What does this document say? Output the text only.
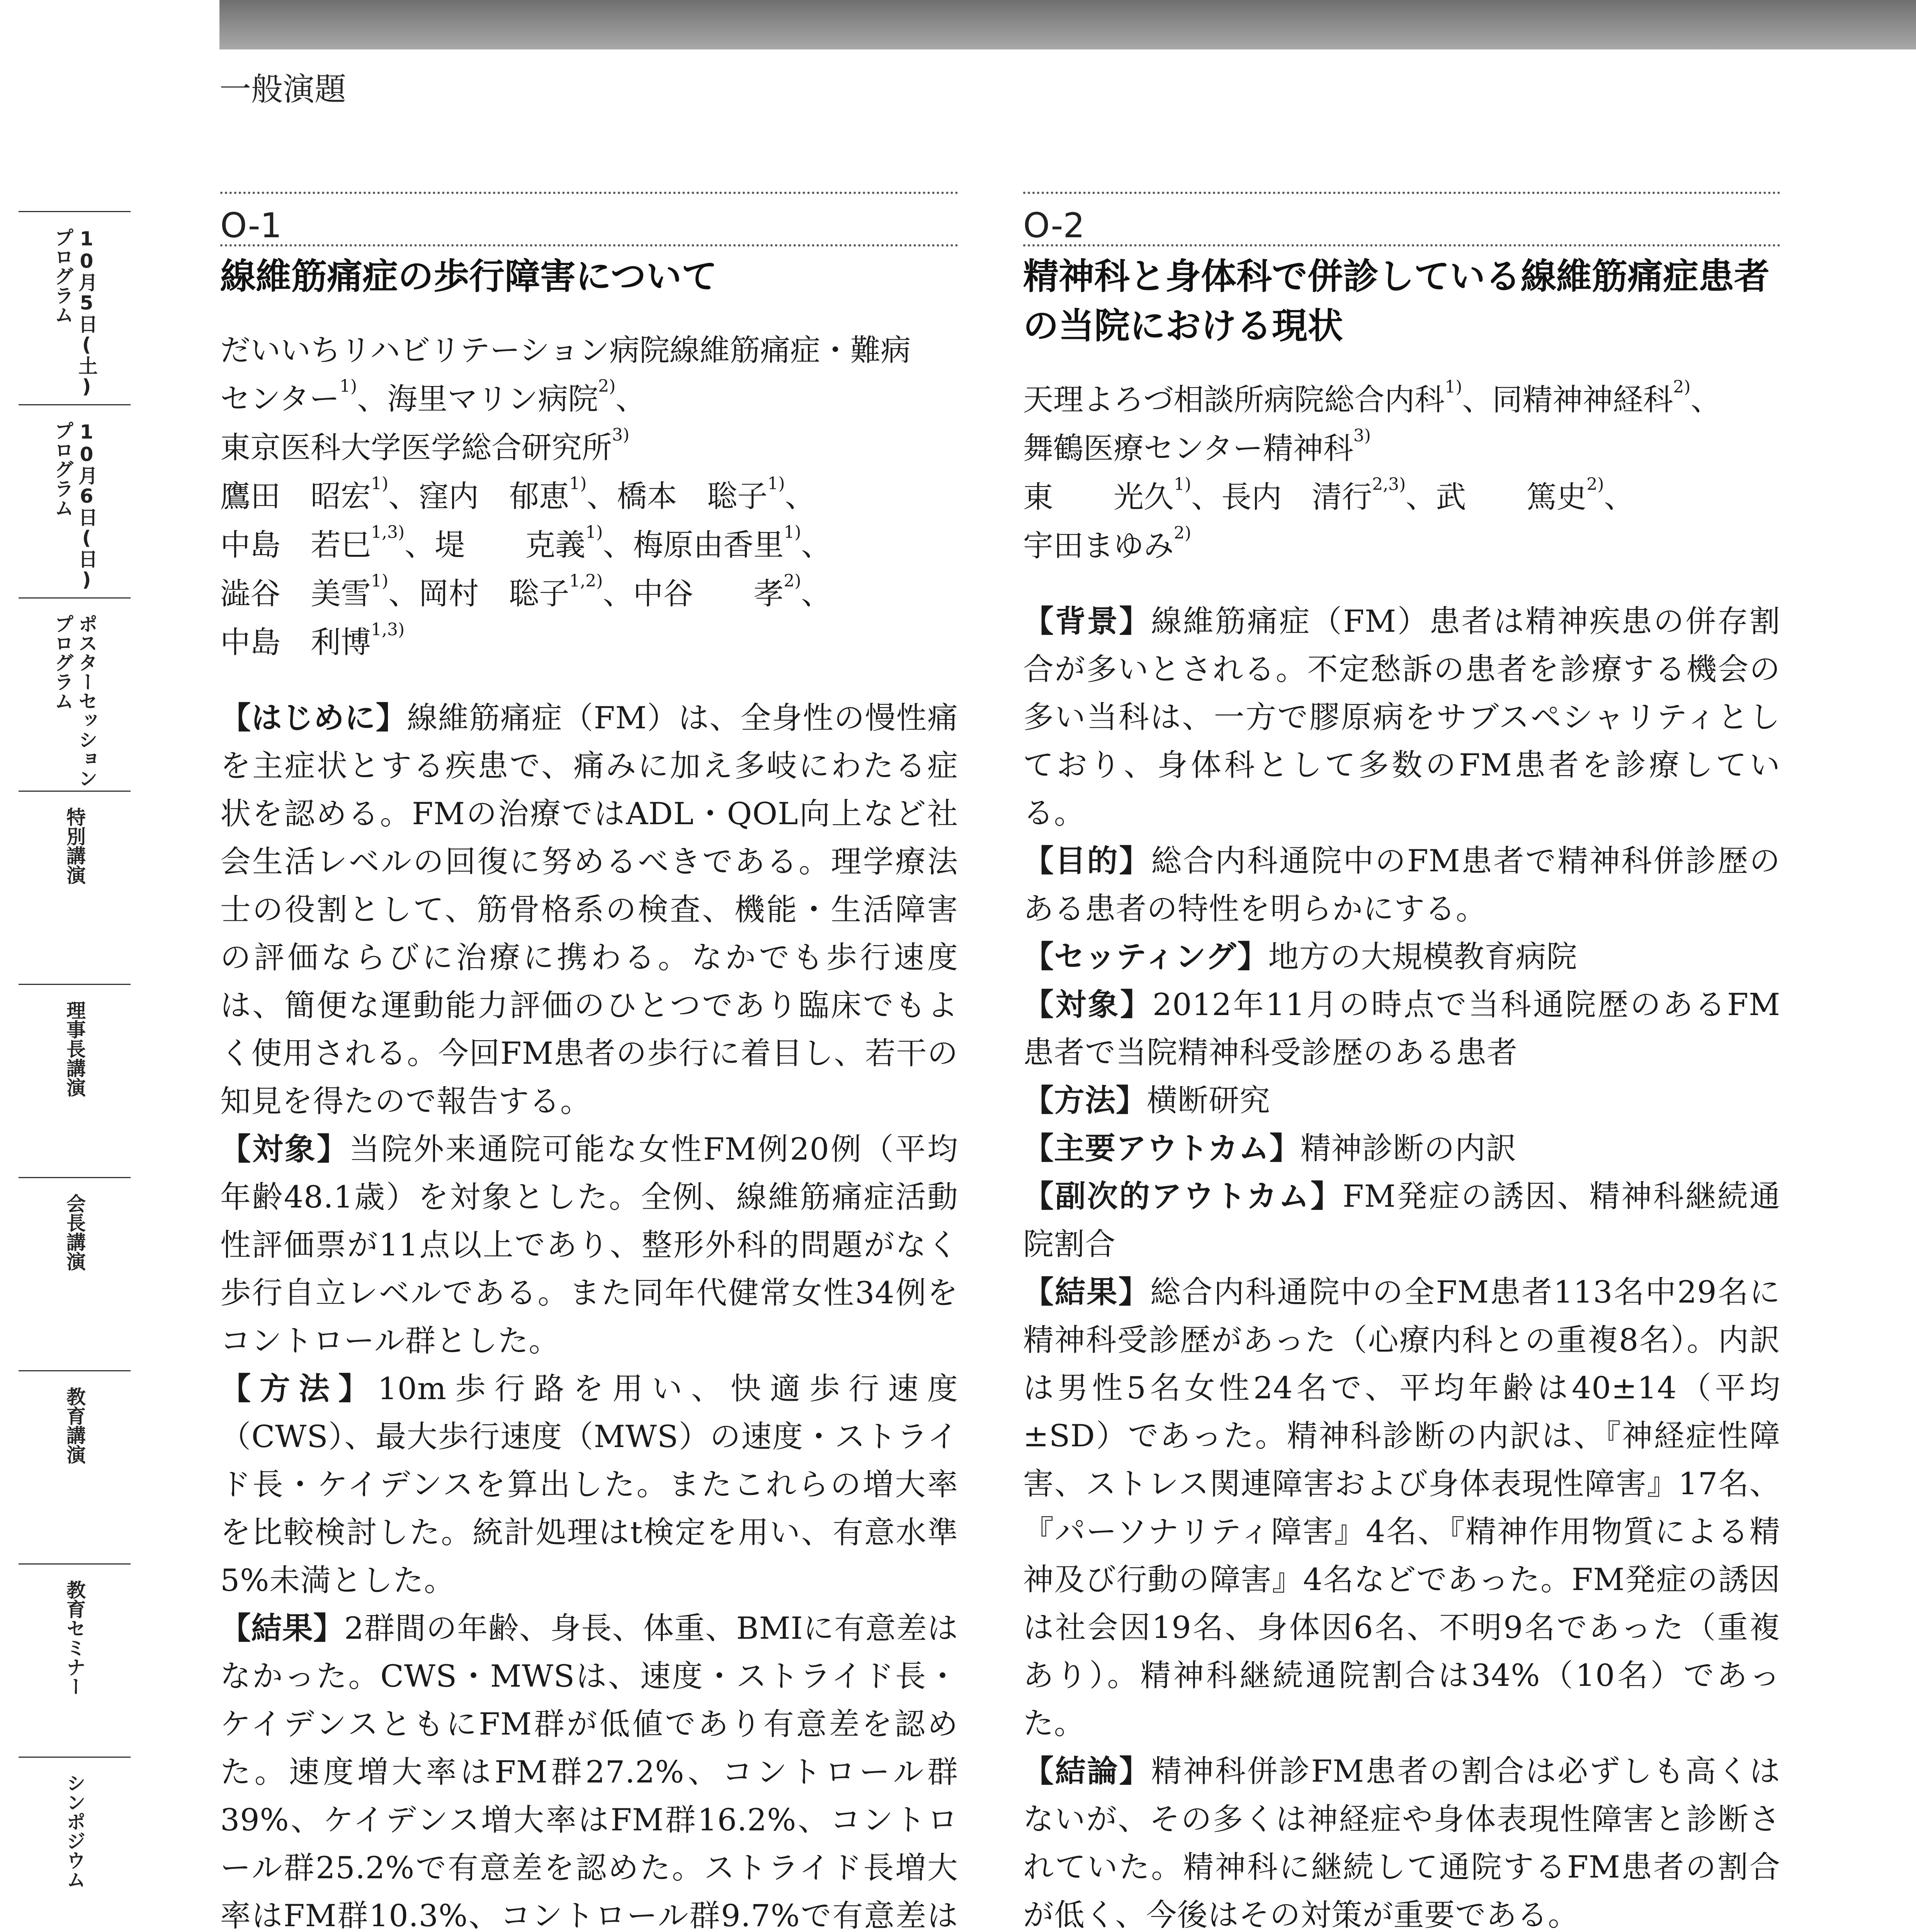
一般演題
10月5日(土)
プログラム
10月6日(日)
プログラム
ポスターセッション
プログラム
特別講演
理事長講演
会長講演
教育講演
教育セミナー
シンポジウム
O-1
線維筋痛症の歩行障害について
だいいちリハビリテーション病院線維筋痛症・難病
センター$^{1)}$、海里マリン病院$^{2)}$、
東京医科大学医学総合研究所$^{3)}$
鷹田　昭宏$^{1)}$、窪内　郁恵$^{1)}$、橋本　聡子$^{1)}$、
中島　若巳$^{1,3)}$、堤　　克義$^{1)}$、梅原由香里$^{1)}$、
澁谷　美雪$^{1)}$、岡村　聡子$^{1,2)}$、中谷　　孝$^{2)}$、
中島　利博$^{1,3)}$

【はじめに】線維筋痛症（FM）は、全身性の慢性痛を主症状とする疾患で、痛みに加え多岐にわたる症状を認める。FMの治療ではADL・QOL向上など社会生活レベルの回復に努めるべきである。理学療法士の役割として、筋骨格系の検査、機能・生活障害の評価ならびに治療に携わる。なかでも歩行速度は、簡便な運動能力評価のひとつであり臨床でもよく使用される。今回FM患者の歩行に着目し、若干の知見を得たので報告する。

【対象】当院外来通院可能な女性FM例20例（平均年齢48.1歳）を対象とした。全例、線維筋痛症活動性評価票が11点以上であり、整形外科的問題がなく歩行自立レベルである。また同年代健常女性34例をコントロール群とした。

【方法】10m歩行路を用い、快適歩行速度（CWS）、最大歩行速度（MWS）の速度・ストライド長・ケイデンスを算出した。またこれらの増大率を比較検討した。統計処理はt検定を用い、有意水準5%未満とした。

【結果】2群間の年齢、身長、体重、BMIに有意差はなかった。CWS・MWSは、速度・ストライド長・ケイデンスともにFM群が低値であり有意差を認めた。速度増大率はFM群27.2%、コントロール群39%、ケイデンス増大率はFM群16.2%、コントロール群25.2%で有意差を認めた。ストライド長増大率はFM群10.3%、コントロール群9.7%で有意差は

O-2
精神科と身体科で併診している線維筋痛症患者
の当院における現状
天理よろづ相談所病院総合内科$^{1)}$、同精神神経科$^{2)}$、
舞鶴医療センター精神科$^{3)}$
東　　光久$^{1)}$、長内　清行$^{2,3)}$、武　　篤史$^{2)}$、
宇田まゆみ$^{2)}$

【背景】線維筋痛症（FM）患者は精神疾患の併存割合が多いとされる。不定愁訴の患者を診療する機会の多い当科は、一方で膠原病をサブスペシャリティとしており、身体科として多数のFM患者を診療している。

【目的】総合内科通院中のFM患者で精神科併診歴のある患者の特性を明らかにする。

【セッティング】地方の大規模教育病院

【対象】2012年11月の時点で当科通院歴のあるFM患者で当院精神科受診歴のある患者

【方法】横断研究

【主要アウトカム】精神診断の内訳

【副次的アウトカム】FM発症の誘因、精神科継続通院割合

【結果】総合内科通院中の全FM患者113名中29名に精神科受診歴があった（心療内科との重複8名）。内訳は男性5名女性24名で、平均年齢は40±14（平均±SD）であった。精神科診断の内訳は、『神経症性障害、ストレス関連障害および身体表現性障害』17名、『パーソナリティ障害』4名、『精神作用物質による精神及び行動の障害』4名などであった。FM発症の誘因は社会因19名、身体因6名、不明9名であった（重複あり）。精神科継続通院割合は34%（10名）であった。

【結論】精神科併診FM患者の割合は必ずしも高くはないが、その多くは神経症や身体表現性障害と診断されていた。精神科に継続して通院するFM患者の割合が低く、今後はその対策が重要である。
